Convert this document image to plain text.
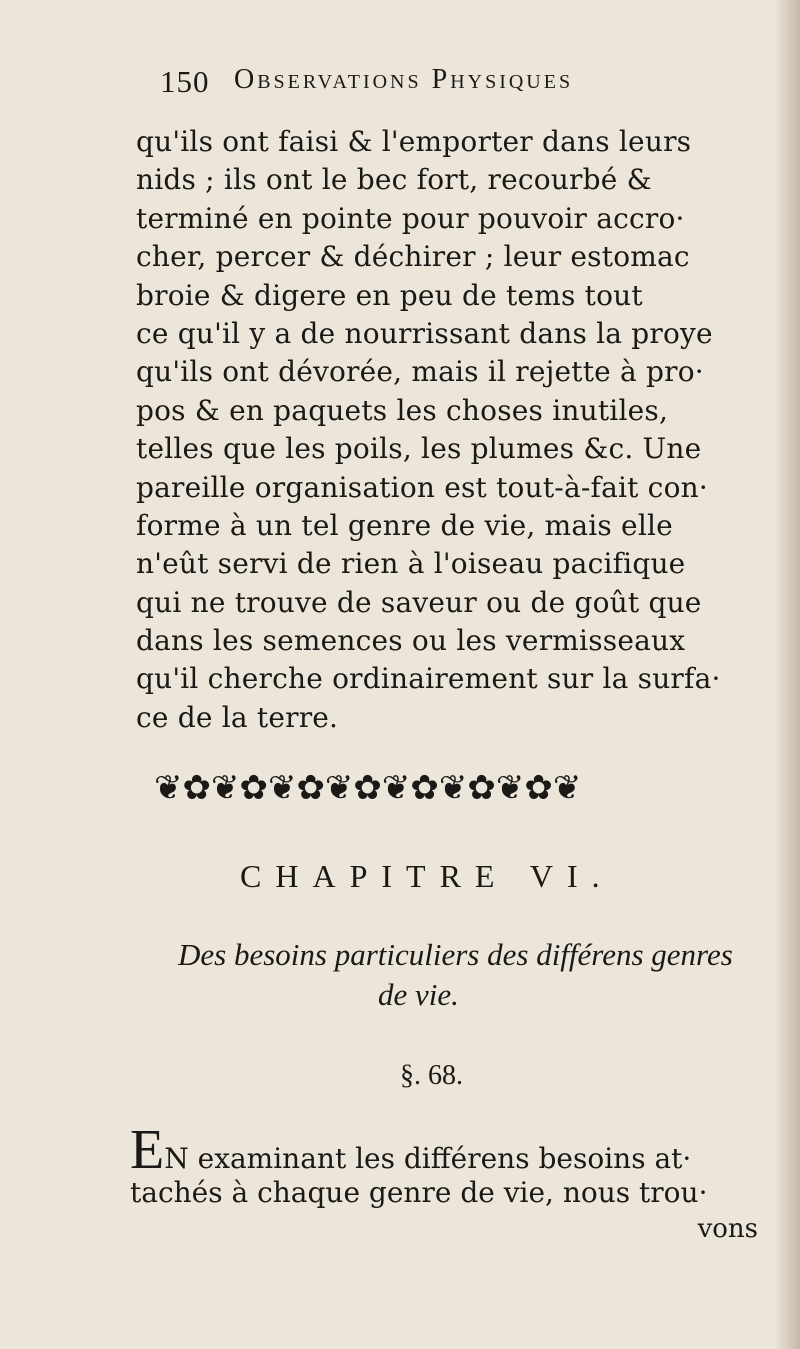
150 Observations Physiques
qu'ils ont faisi & l'emporter dans leurs
nids ; ils ont le bec fort, recourbé &
terminé en pointe pour pouvoir accro·
cher, percer & déchirer ; leur estomac
broie & digere en peu de tems tout
ce qu'il y a de nourrissant dans la proye
qu'ils ont dévorée, mais il rejette à pro·
pos & en paquets les choses inutiles,
telles que les poils, les plumes &c. Une
pareille organisation est tout-à-fait con·
forme à un tel genre de vie, mais elle
n'eût servi de rien à l'oiseau pacifique
qui ne trouve de saveur ou de goût que
dans les semences ou les vermisseaux
qu'il cherche ordinairement sur la surfa·
ce de la terre.
❦✿❦✿❦✿❦✿❦✿❦✿❦✿❦
CHAPITRE VI.
Des besoins particuliers des différens genres
de vie.
§. 68.
EN examinant les différens besoins at·
tachés à chaque genre de vie, nous trou·
vons
